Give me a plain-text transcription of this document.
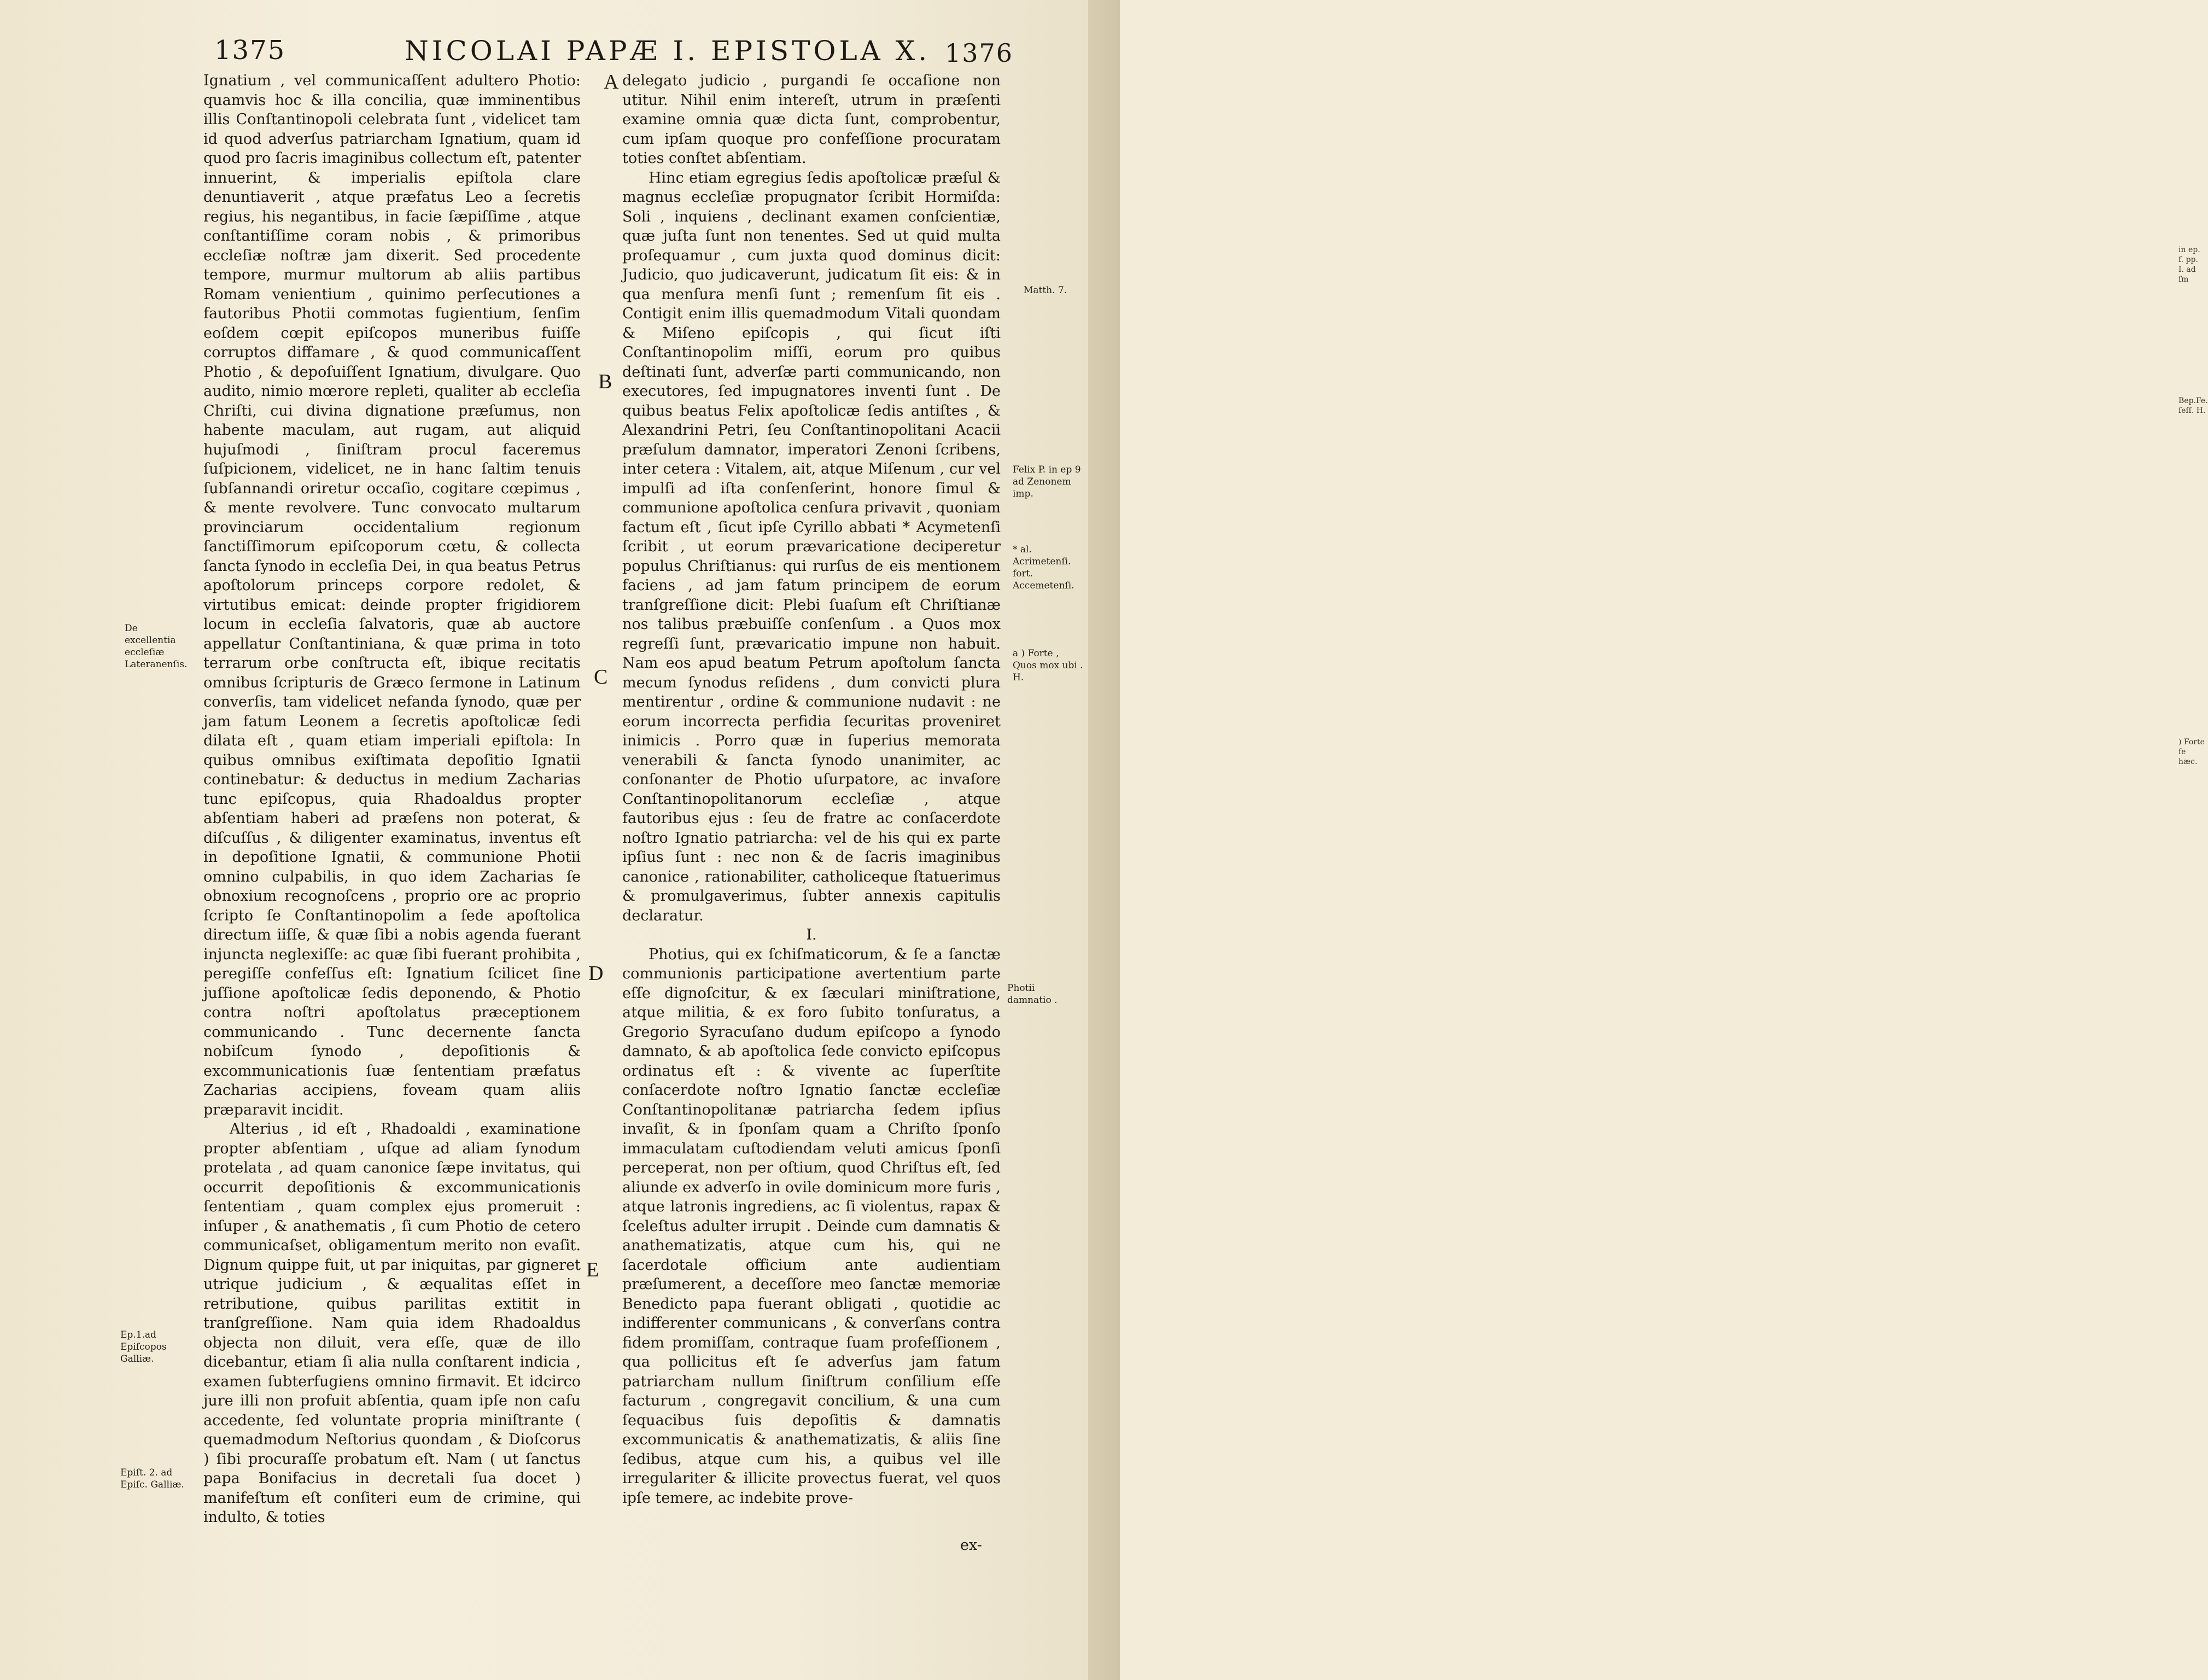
1375	NICOLAI PAPÆ I. EPISTOLA X. 1376

Ignatium , vel communicaſſent adultero Photio: quamvis hoc & illa concilia, quæ imminentibus illis Conſtantinopoli celebrata ſunt , videlicet tam id quod adverſus patriarcham Ignatium, quam id quod pro ſacris imaginibus collectum eſt, patenter innuerint, & imperialis epiſtola clare denuntiaverit , atque præfatus Leo a ſecretis regius, his negantibus, in facie ſæpiſſime , atque conſtantiſſime coram nobis , & primoribus eccleſiæ noſtræ jam dixerit. Sed procedente tempore, murmur multorum ab aliis partibus Romam venientium , quinimo perſecutiones a fautoribus Photii commotas fugientium, ſenſim eoſdem cœpit epiſcopos muneribus fuiſſe corruptos diffamare , & quod communicaſſent Photio , & depoſuiſſent Ignatium, divulgare. Quo audito, nimio mœrore repleti, qualiter ab eccleſia Chriſti, cui divina dignatione præſumus, non habente maculam, aut rugam, aut aliquid hujuſmodi , ſiniſtram procul faceremus ſuſpicionem, videlicet, ne in hanc ſaltim tenuis ſubſannandi oriretur occaſio, cogitare cœpimus , & mente revolvere. Tunc convocato multarum provinciarum occidentalium regionum ſanctiſſimorum epiſcoporum cœtu, & collecta ſancta ſynodo in eccleſia Dei, in qua beatus Petrus apoſtolorum princeps corpore redolet, & virtutibus emicat: deinde propter frigidiorem locum in eccleſia ſalvatoris, quæ ab auctore appellatur Conſtantiniana, & quæ prima in toto terrarum orbe conſtructa eſt, ibique recitatis omnibus ſcripturis de Græco ſermone in Latinum converſis, tam videlicet nefanda ſynodo, quæ per jam fatum Leonem a ſecretis apoſtolicæ ſedi dilata eſt , quam etiam imperiali epiſtola: In quibus omnibus exiſtimata depoſitio Ignatii continebatur: & deductus in medium Zacharias tunc epiſcopus, quia Rhadoaldus propter abſentiam haberi ad præſens non poterat, & diſcuſſus , & diligenter examinatus, inventus eſt in depoſitione Ignatii, & communione Photii omnino culpabilis, in quo idem Zacharias ſe obnoxium recognoſcens , proprio ore ac proprio ſcripto ſe Conſtantinopolim a ſede apoſtolica directum iiſſe, & quæ ſibi a nobis agenda fuerant injuncta neglexiſſe: ac quæ ſibi fuerant prohibita , peregiſſe confeſſus eſt: Ignatium ſcilicet ſine juſſione apoſtolicæ ſedis deponendo, & Photio contra noſtri apoſtolatus præceptionem communicando . Tunc decernente ſancta nobiſcum ſynodo , depoſitionis & excommunicationis ſuæ ſententiam præfatus Zacharias accipiens, foveam quam aliis præparavit incidit.

Alterius , id eſt , Rhadoaldi , examinatione propter abſentiam , uſque ad aliam ſynodum protelata , ad quam canonice ſæpe invitatus, qui occurrit depoſitionis & excommunicationis ſententiam , quam complex ejus promeruit : inſuper , & anathematis , ſi cum Photio de cetero communicaſset, obligamentum merito non evaſit. Dignum quippe fuit, ut par iniquitas, par gigneret utrique judicium , & æqualitas eſſet in retributione, quibus parilitas extitit in tranſgreſſione. Nam quia idem Rhadoaldus objecta non diluit, vera eſſe, quæ de illo dicebantur, etiam ſi alia nulla conſtarent indicia , examen ſubterfugiens omnino firmavit. Et idcirco jure illi non profuit abſentia, quam ipſe non caſu accedente, ſed voluntate propria miniſtrante ( quemadmodum Neſtorius quondam , & Dioſcorus ) ſibi procuraſſe probatum eſt. Nam ( ut ſanctus papa Bonifacius in decretali ſua docet ) manifeſtum eſt conſiteri eum de crimine, qui indulto, & toties

delegato judicio , purgandi ſe occaſione non utitur. Nihil enim intereſt, utrum in præſenti examine omnia quæ dicta ſunt, comprobentur, cum ipſam quoque pro confeſſione procuratam toties conſtet abſentiam.

Hinc etiam egregius ſedis apoſtolicæ præſul & magnus eccleſiæ propugnator ſcribit Hormiſda: Soli , inquiens , declinant examen conſcientiæ, quæ juſta ſunt non tenentes. Sed ut quid multa proſequamur , cum juxta quod dominus dicit: Judicio, quo judicaverunt, judicatum ſit eis: & in qua menſura menſi ſunt ; remenſum ſit eis . Contigit enim illis quemadmodum Vitali quondam & Miſeno epiſcopis , qui ſicut iſti Conſtantinopolim miſſi, eorum pro quibus deſtinati ſunt, adverſæ parti communicando, non executores, ſed impugnatores inventi ſunt . De quibus beatus Felix apoſtolicæ ſedis antiſtes , & Alexandrini Petri, ſeu Conſtantinopolitani Acacii præſulum damnator, imperatori Zenoni ſcribens, inter cetera : Vitalem, ait, atque Miſenum , cur vel impulſi ad iſta conſenſerint, honore ſimul & communione apoſtolica cenſura privavit , quoniam factum eſt , ſicut ipſe Cyrillo abbati * Acymetenſi ſcribit , ut eorum prævaricatione deciperetur populus Chriſtianus: qui rurſus de eis mentionem faciens , ad jam fatum principem de eorum tranſgreſſione dicit: Plebi ſuaſum eſt Chriſtianæ nos talibus præbuiſſe conſenſum . a Quos mox regreſſi ſunt, prævaricatio impune non habuit. Nam eos apud beatum Petrum apoſtolum ſancta mecum ſynodus reſidens , dum convicti plura mentirentur , ordine & communione nudavit : ne eorum incorrecta perfidia ſecuritas proveniret inimicis . Porro quæ in ſuperius memorata venerabili & ſancta ſynodo unanimiter, ac conſonanter de Photio uſurpatore, ac invaſore Conſtantinopolitanorum eccleſiæ , atque fautoribus ejus : ſeu de fratre ac conſacerdote noſtro Ignatio patriarcha: vel de his qui ex parte ipſius ſunt : nec non & de ſacris imaginibus canonice , rationabiliter, catholiceque ſtatuerimus & promulgaverimus, ſubter annexis capitulis declaratur.

I.

Photius, qui ex ſchiſmaticorum, & ſe a ſanctæ communionis participatione avertentium parte eſſe dignoſcitur, & ex ſæculari miniſtratione, atque militia, & ex foro ſubito tonſuratus, a Gregorio Syracuſano dudum epiſcopo a ſynodo damnato, & ab apoſtolica ſede convicto epiſcopus ordinatus eſt : & vivente ac ſuperſtite conſacerdote noſtro Ignatio ſanctæ eccleſiæ Conſtantinopolitanæ patriarcha ſedem ipſius invaſit, & in ſponſam quam a Chriſto ſponſo immaculatam cuſtodiendam veluti amicus ſponſi perceperat, non per oſtium, quod Chriſtus eſt, ſed aliunde ex adverſo in ovile dominicum more furis , atque latronis ingrediens, ac ſi violentus, rapax & ſceleſtus adulter irrupit . Deinde cum damnatis & anathematizatis, atque cum his, qui ne ſacerdotale officium ante audientiam præſumerent, a deceſſore meo ſanctæ memoriæ Benedicto papa fuerant obligati , quotidie ac indifferenter communicans , & converſans contra fidem promiſſam, contraque ſuam profeſſionem , qua pollicitus eſt ſe adverſus jam fatum patriarcham nullum ſiniſtrum conſilium eſſe facturum , congregavit concilium, & una cum ſequacibus ſuis depoſitis & damnatis excommunicatis & anathematizatis, & aliis ſine ſedibus, atque cum his, a quibus vel ille irregulariter & illicite provectus fuerat, vel quos ipſe temere, ac indebite prove-

A
B
C
D
E
De excellentia eccleſiæ Lateranenſis.
Ep.1.ad Epiſcopos Galliæ.
Epiſt. 2. ad Epiſc. Galliæ.
Matth. 7.
Felix P. in ep 9 ad Zenonem imp.
* al. Acrimetenſi. fort. Accemetenſi.
a ) Forte , Quos mox ubi . H.
Photii damnatio .
ex-
in ep. f. pp. I. ad ſm
Bep.Fe. ſeſſ. H.
) Forte fe hæc.
